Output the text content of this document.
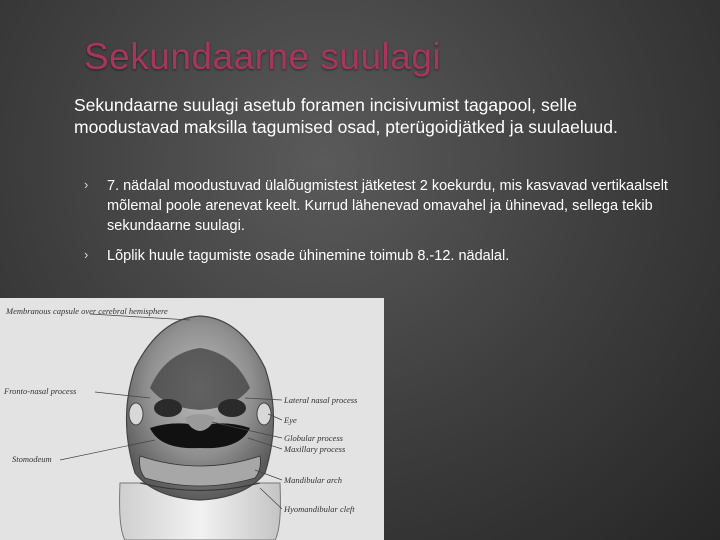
Sekundaarne suulagi
Sekundaarne suulagi asetub foramen incisivumist tagapool, selle moodustavad maksilla tagumised osad, pterügoidjätked ja suulaeluud.
› 7. nädalal moodustuvad ülalõugmistest jätketest 2 koekurdu, mis kasvavad vertikaalselt mõlemal poole arenevat keelt. Kurrud lähenevad omavahel ja ühinevad, sellega tekib sekundaarne suulagi.
› Lõplik huule tagumiste osade ühinemine toimub 8.-12. nädalal.
Membranous capsule over cerebral hemisphere
Fronto-nasal process
Stomodeum
Lateral nasal process
Eye
Globular process
Maxillary process
Mandibular arch
Hyomandibular cleft
